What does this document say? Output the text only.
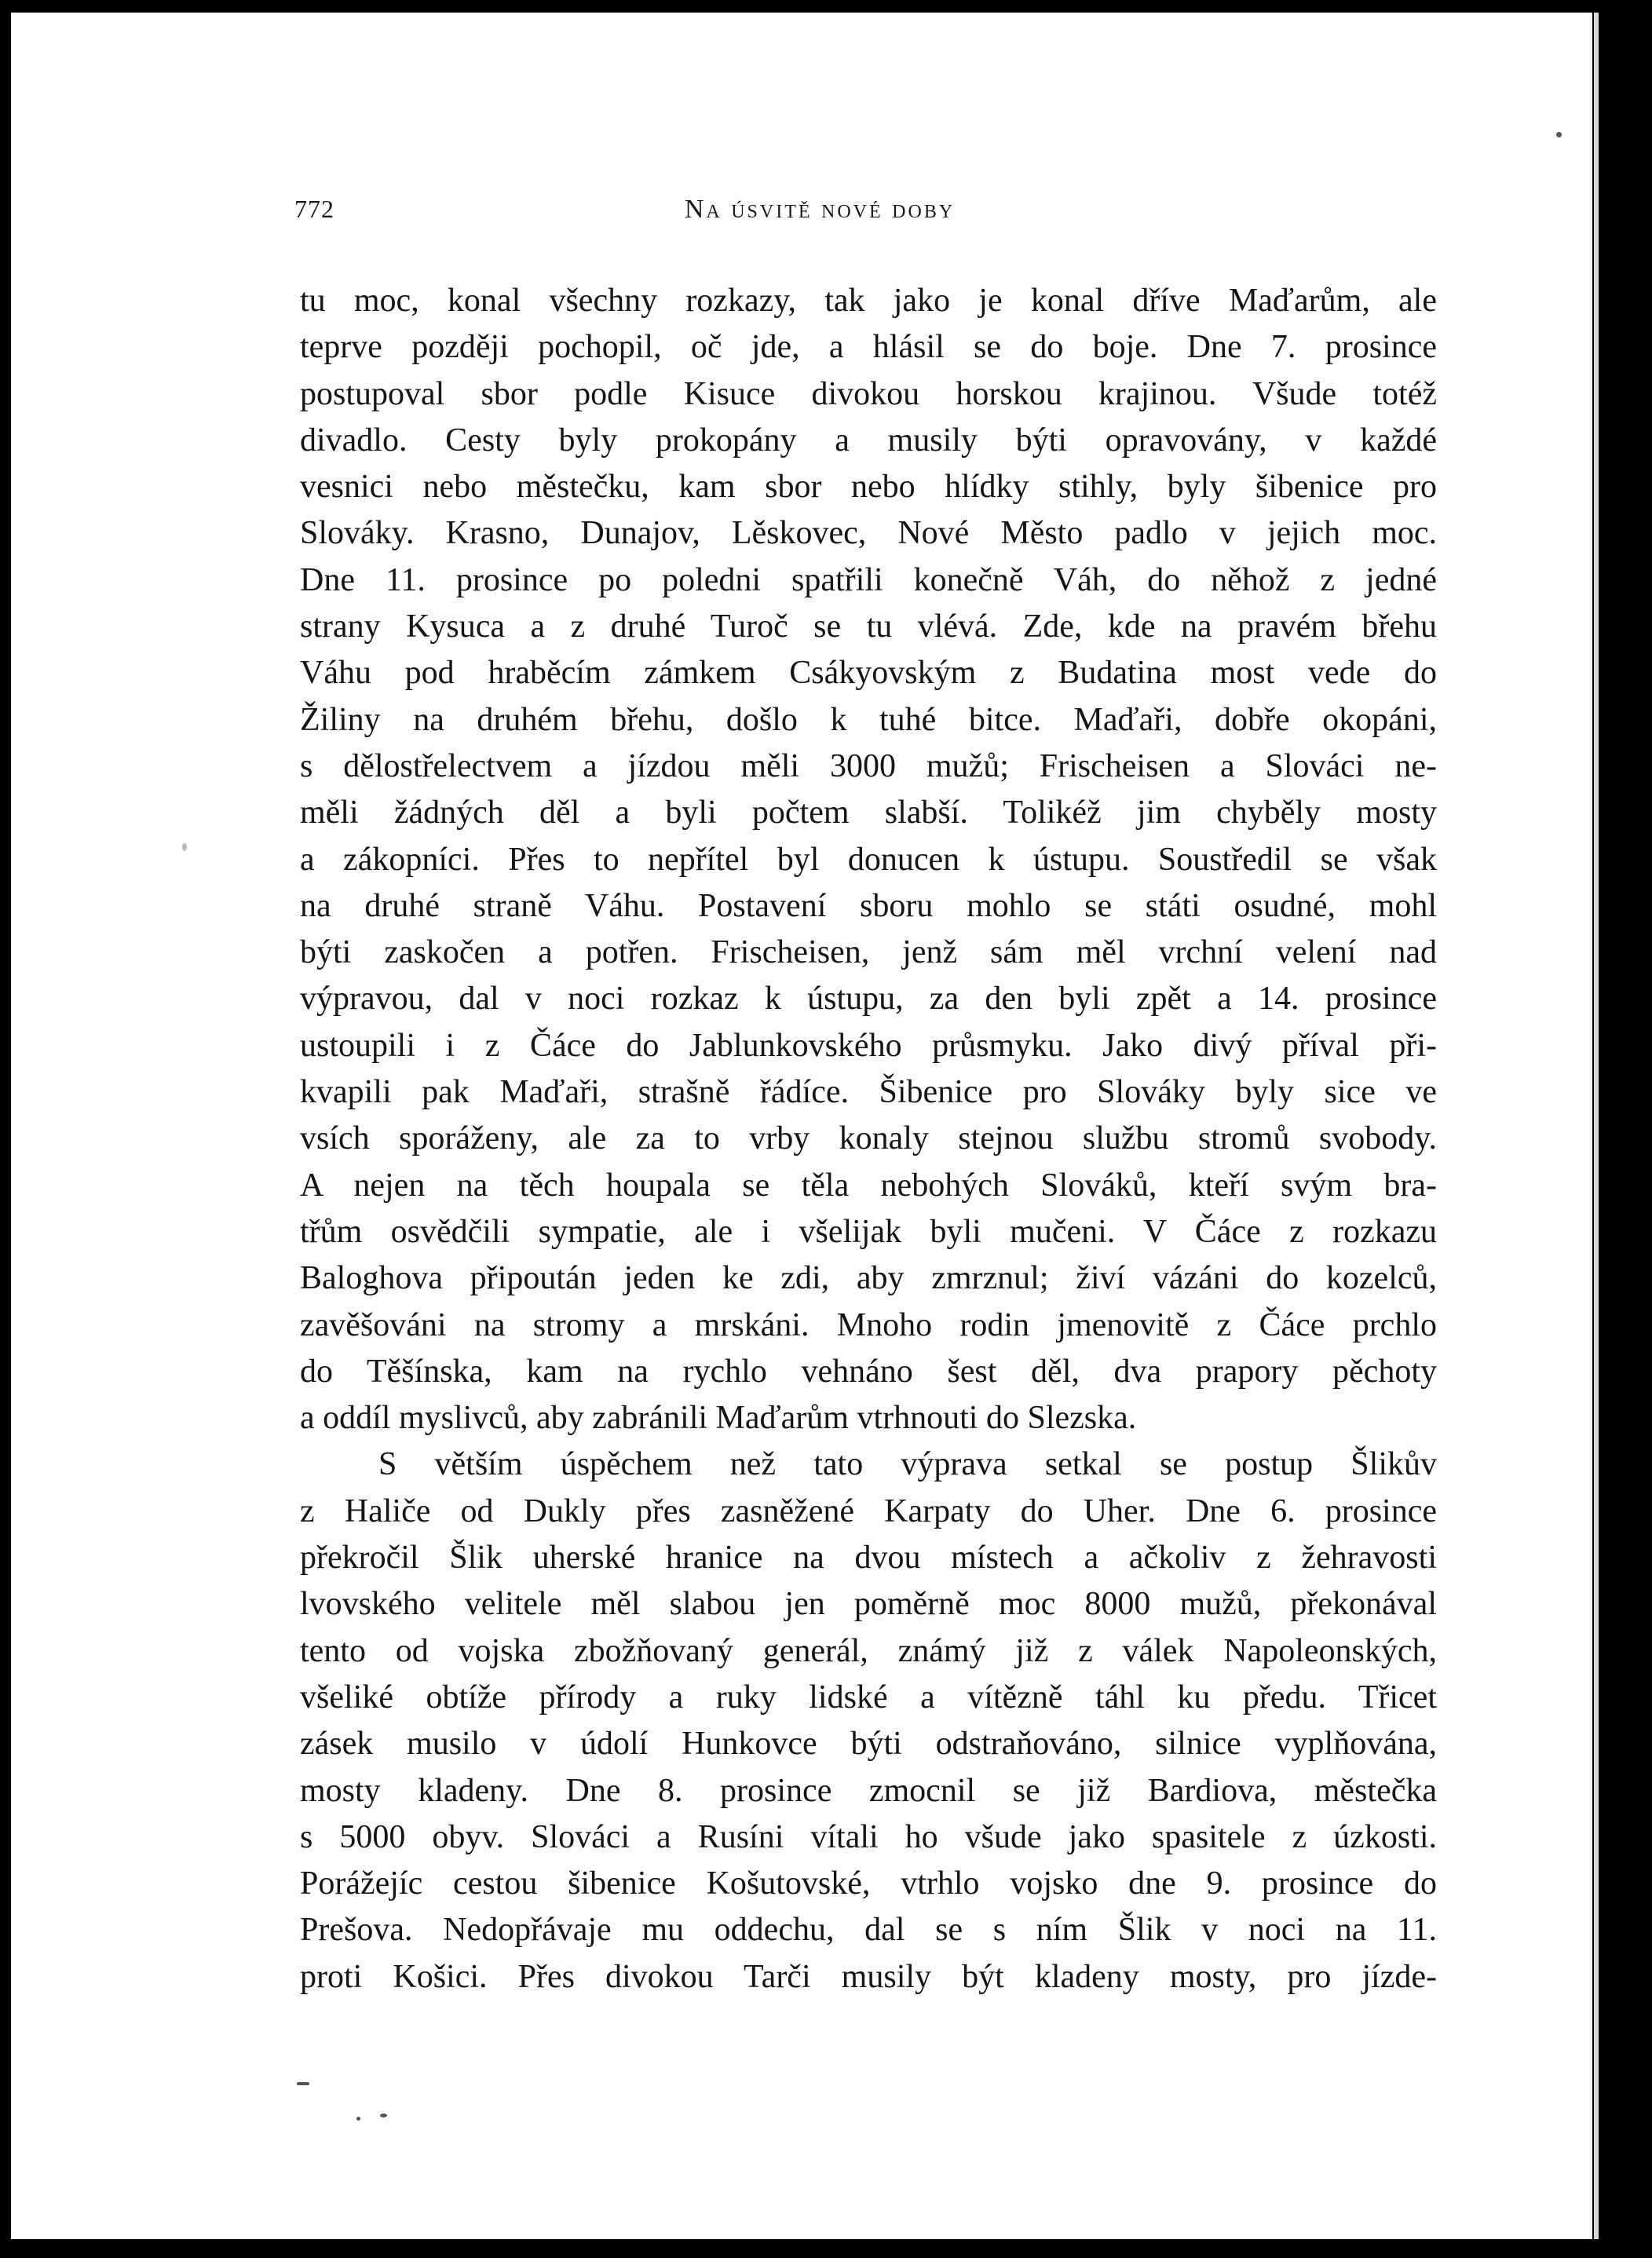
772	Na úsvitě nové doby
tu moc, konal všechny rozkazy, tak jako je konal dříve Maďarům, ale
teprve později pochopil, oč jde, a hlásil se do boje. Dne 7. prosince
postupoval sbor podle Kisuce divokou horskou krajinou. Všude totéž
divadlo. Cesty byly prokopány a musily býti opravovány, v každé
vesnici nebo městečku, kam sbor nebo hlídky stihly, byly šibenice pro
Slováky. Krasno, Dunajov, Lěskovec, Nové Město padlo v jejich moc.
Dne 11. prosince po poledni spatřili konečně Váh, do něhož z jedné
strany Kysuca a z druhé Turoč se tu vlévá. Zde, kde na pravém břehu
Váhu pod hraběcím zámkem Csákyovským z Budatina most vede do
Žiliny na druhém břehu, došlo k tuhé bitce. Maďaři, dobře okopáni,
s dělostřelectvem a jízdou měli 3000 mužů; Frischeisen a Slováci ne-
měli žádných děl a byli počtem slabší. Tolikéž jim chyběly mosty
a zákopníci. Přes to nepřítel byl donucen k ústupu. Soustředil se však
na druhé straně Váhu. Postavení sboru mohlo se státi osudné, mohl
býti zaskočen a potřen. Frischeisen, jenž sám měl vrchní velení nad
výpravou, dal v noci rozkaz k ústupu, za den byli zpět a 14. prosince
ustoupili i z Čáce do Jablunkovského průsmyku. Jako divý příval při-
kvapili pak Maďaři, strašně řádíce. Šibenice pro Slováky byly sice ve
vsích sporáženy, ale za to vrby konaly stejnou službu stromů svobody.
A nejen na těch houpala se těla nebohých Slováků, kteří svým bra-
třům osvědčili sympatie, ale i všelijak byli mučeni. V Čáce z rozkazu
Baloghova připoután jeden ke zdi, aby zmrznul; živí vázáni do kozelců,
zavěšováni na stromy a mrskáni. Mnoho rodin jmenovitě z Čáce prchlo
do Těšínska, kam na rychlo vehnáno šest děl, dva prapory pěchoty
a oddíl myslivců, aby zabránili Maďarům vtrhnouti do Slezska.
S větším úspěchem než tato výprava setkal se postup Šlikův
z Haliče od Dukly přes zasněžené Karpaty do Uher. Dne 6. prosince
překročil Šlik uherské hranice na dvou místech a ačkoliv z žehravosti
lvovského velitele měl slabou jen poměrně moc 8000 mužů, překonával
tento od vojska zbožňovaný generál, známý již z válek Napoleonských,
všeliké obtíže přírody a ruky lidské a vítězně táhl ku předu. Třicet
zásek musilo v údolí Hunkovce býti odstraňováno, silnice vyplňována,
mosty kladeny. Dne 8. prosince zmocnil se již Bardiova, městečka
s 5000 obyv. Slováci a Rusíni vítali ho všude jako spasitele z úzkosti.
Porážejíc cestou šibenice Košutovské, vtrhlo vojsko dne 9. prosince do
Prešova. Nedopřávaje mu oddechu, dal se s ním Šlik v noci na 11.
proti Košici. Přes divokou Tarči musily být kladeny mosty, pro jízde-
